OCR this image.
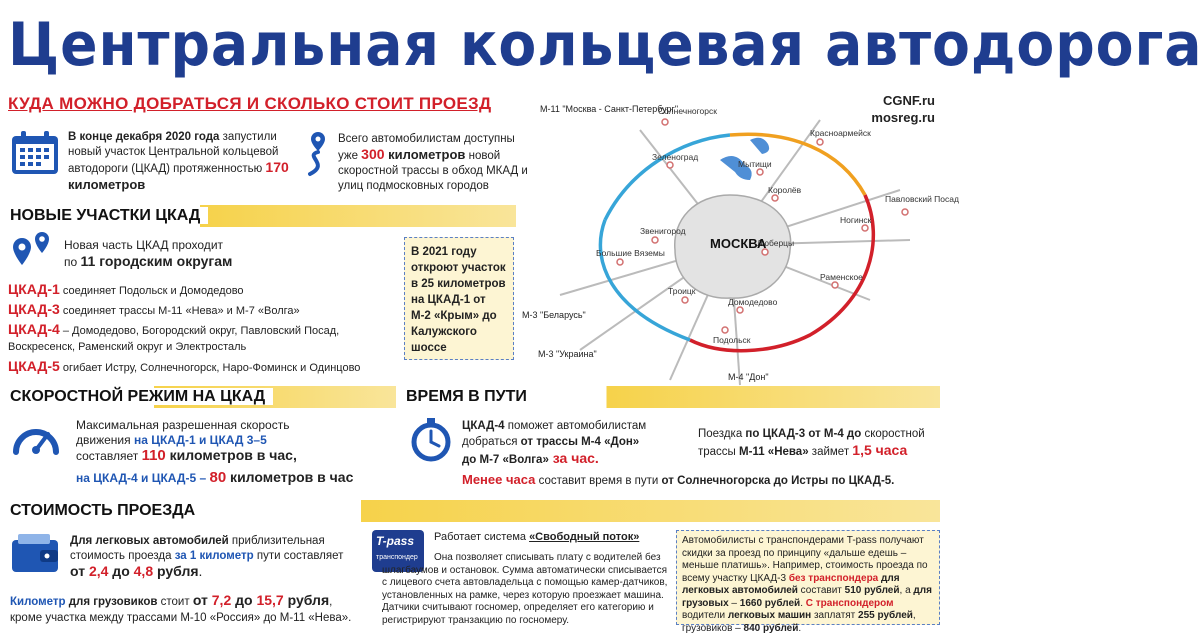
Центральная кольцевая автодорога
КУДА МОЖНО ДОБРАТЬСЯ И СКОЛЬКО СТОИТ ПРОЕЗД	CGNF.ru
mosreg.ru
В конце декабря 2020 года запустили новый участок Центральной кольцевой автодороги (ЦКАД) протяженностью 170 километров
Всего автомобилистам доступны уже 300 километров новой скоростной трассы в обход МКАД и улиц подмосковных городов
НОВЫЕ УЧАСТКИ ЦКАД
Новая часть ЦКАД проходит
по 11 городским округам
ЦКАД-1 соединяет Подольск и Домодедово
ЦКАД-3 соединяет трассы М-11 «Нева» и М-7 «Волга»
ЦКАД-4 – Домодедово, Богородский округ, Павловский Посад, Воскресенск, Раменский округ и Электросталь
ЦКАД-5 огибает Истру, Солнечногорск, Наро-Фоминск и Одинцово
В 2021 году откроют участок в 25 километров на ЦКАД-1 от М-2 «Крым» до Калужского шоссе
Солнечногорск
Зеленоград
Красноармейск
Мытищи
Королёв
Павловский Посад
Ногинск
Звенигород
Большие Вяземы
Люберцы
Раменское
Троицк
Домодедово
Подольск
МОСКВА
М-11 "Москва - Санкт-Петербург"
М-3 "Беларусь"
М-3 "Украина"
М-4 "Дон"
СКОРОСТНОЙ РЕЖИМ НА ЦКАД
Максимальная разрешенная скорость
движения на ЦКАД-1 и ЦКАД 3–5
составляет 110 километров в час,
на ЦКАД-4 и ЦКАД-5 – 80 километров в час
ВРЕМЯ В ПУТИ
ЦКАД-4 поможет автомобилистам
добраться от трассы М-4 «Дон»
до М-7 «Волга» за час.
Поездка по ЦКАД-3 от М-4 до скоростной
трассы М-11 «Нева» займет 1,5 часа
Менее часа составит время в пути от Солнечногорска до Истры по ЦКАД-5.
СТОИМОСТЬ ПРОЕЗДА
Для легковых автомобилей приблизительная
стоимость проезда за 1 километр пути составляет
от 2,4 до 4,8 рубля.
Километр для грузовиков стоит от 7,2 до 15,7 рубля,
кроме участка между трассами М-10 «Россия» до М-11 «Нева».
T-pass
транспондер
Работает система «Свободный поток»
Она позволяет списывать плату с водителей без шлагбаумов и остановок. Сумма автоматически списывается с лицевого счета автовладельца с помощью камер-датчиков, установленных на рамке, через которую проезжает машина. Датчики считывают госномер, определяет его категорию и регистрируют транзакцию по госномеру.
Автомобилисты с транспондерами T-pass получают скидки за проезд по принципу «дальше едешь – меньше платишь». Например, стоимость проезда по всему участку ЦКАД-3 без транспондера для легковых автомобилей составит 510 рублей, а для грузовых – 1660 рублей. С транспондером водители легковых машин заплатят 255 рублей, грузовиков – 840 рублей.
